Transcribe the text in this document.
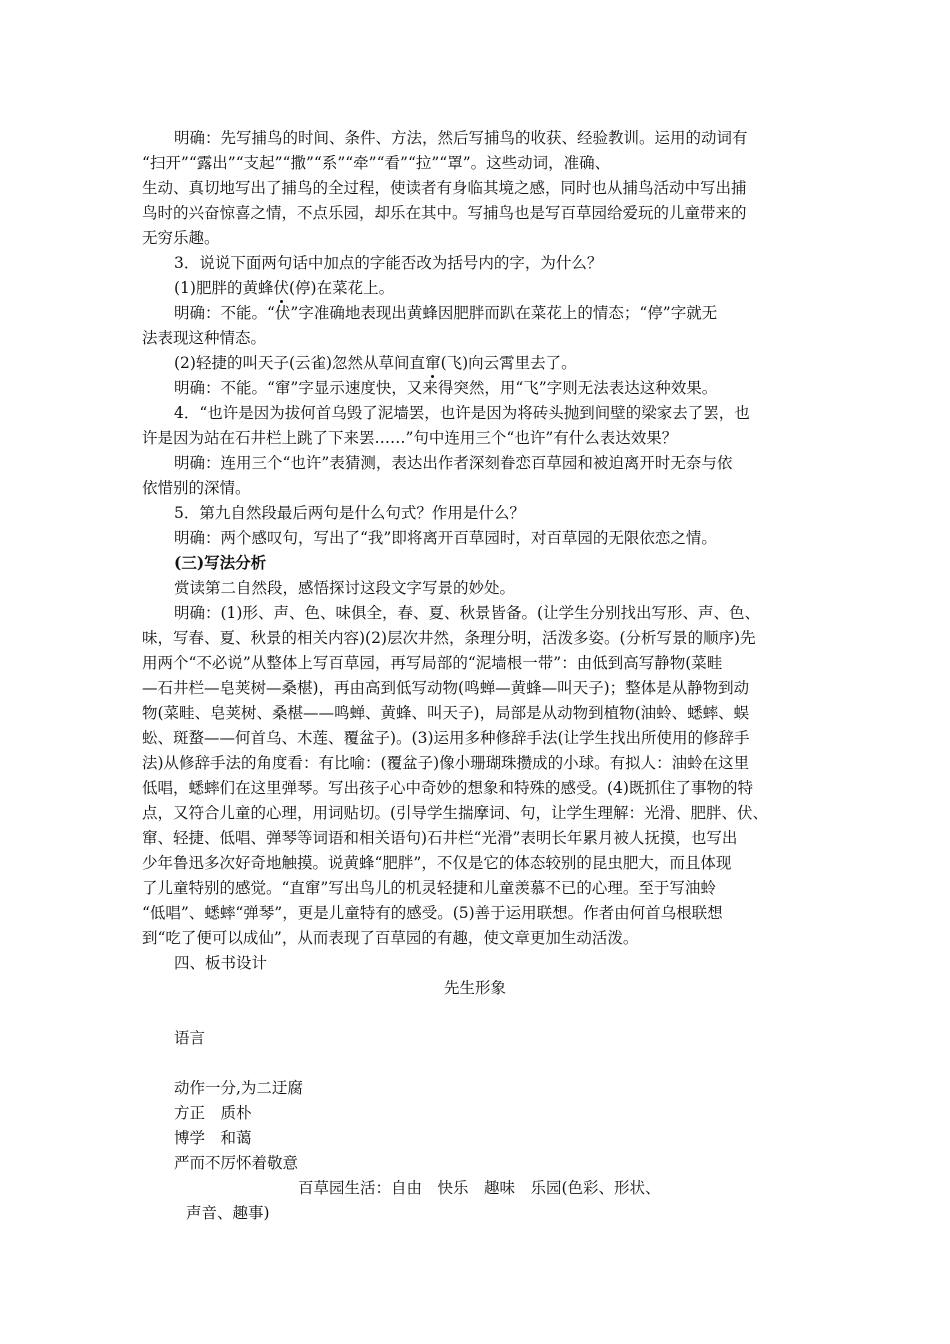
明确：先写捕鸟的时间、条件、方法，然后写捕鸟的收获、经验教训。运用的动词有
“扫开”“露出”“支起”“撒”“系”“牵”“看”“拉”“罩”。这些动词，准确、
生动、真切地写出了捕鸟的全过程，使读者有身临其境之感，同时也从捕鸟活动中写出捕
鸟时的兴奋惊喜之情，不点乐园，却乐在其中。写捕鸟也是写百草园给爱玩的儿童带来的
无穷乐趣。
3．说说下面两句话中加点的字能否改为括号内的字，为什么？
(1)肥胖的黄蜂伏(停)在菜花上。
明确：不能。“伏”字准确地表现出黄蜂因肥胖而趴在菜花上的情态；“停”字就无
法表现这种情态。
(2)轻捷的叫天子(云雀)忽然从草间直窜(飞)向云霄里去了。
明确：不能。“窜”字显示速度快，又来得突然，用“飞”字则无法表达这种效果。
4．“也许是因为拔何首乌毁了泥墙罢，也许是因为将砖头抛到间壁的梁家去了罢，也
许是因为站在石井栏上跳了下来罢……”句中连用三个“也许”有什么表达效果？
明确：连用三个“也许”表猜测，表达出作者深刻眷恋百草园和被迫离开时无奈与依
依惜别的深情。
5．第九自然段最后两句是什么句式？作用是什么？
明确：两个感叹句，写出了“我”即将离开百草园时，对百草园的无限依恋之情。
(三)写法分析
赏读第二自然段，感悟探讨这段文字写景的妙处。
明确：(1)形、声、色、味俱全，春、夏、秋景皆备。(让学生分别找出写形、声、色、
味，写春、夏、秋景的相关内容)(2)层次井然，条理分明，活泼多姿。(分析写景的顺序)先
用两个“不必说”从整体上写百草园，再写局部的“泥墙根一带”：由低到高写静物(菜畦
—石井栏—皂荚树—桑椹)，再由高到低写动物(鸣蝉—黄蜂—叫天子)；整体是从静物到动
物(菜畦、皂荚树、桑椹——鸣蝉、黄蜂、叫天子)，局部是从动物到植物(油蛉、蟋蟀、蜈
蚣、斑蝥——何首乌、木莲、覆盆子)。(3)运用多种修辞手法(让学生找出所使用的修辞手
法)从修辞手法的角度看：有比喻：(覆盆子)像小珊瑚珠攒成的小球。有拟人：油蛉在这里
低唱，蟋蟀们在这里弹琴。写出孩子心中奇妙的想象和特殊的感受。(4)既抓住了事物的特
点，又符合儿童的心理，用词贴切。(引导学生揣摩词、句，让学生理解：光滑、肥胖、伏、
窜、轻捷、低唱、弹琴等词语和相关语句)石井栏“光滑”表明长年累月被人抚摸，也写出
少年鲁迅多次好奇地触摸。说黄蜂“肥胖”，不仅是它的体态较别的昆虫肥大，而且体现
了儿童特别的感觉。“直窜”写出鸟儿的机灵轻捷和儿童羡慕不已的心理。至于写油蛉
“低唱”、蟋蟀“弹琴”，更是儿童特有的感受。(5)善于运用联想。作者由何首乌根联想
到“吃了便可以成仙”，从而表现了百草园的有趣，使文章更加生动活泼。
四、板书设计
先生形象
语言
动作一分,为二迂腐
方正　质朴
博学　和蔼
严而不厉怀着敬意
百草园生活：自由　快乐　趣味　乐园(色彩、形状、
声音、趣事)
